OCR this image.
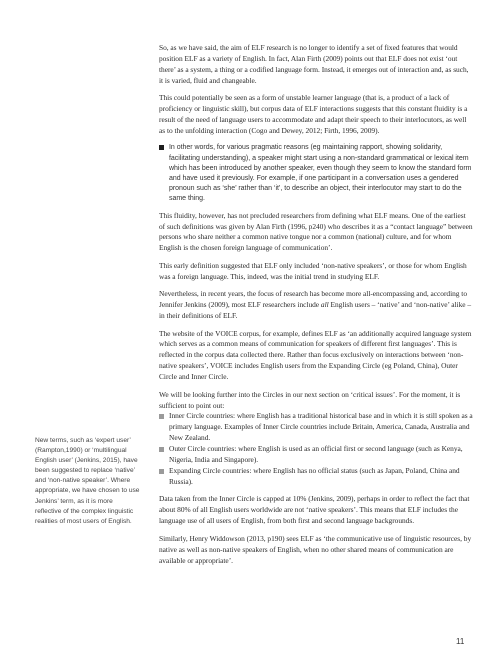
So, as we have said, the aim of ELF research is no longer to identify a set of fixed features that would position ELF as a variety of English. In fact, Alan Firth (2009) points out that ELF does not exist ‘out there’ as a system, a thing or a codified language form. Instead, it emerges out of interaction and, as such, it is varied, fluid and changeable.

This could potentially be seen as a form of unstable learner language (that is, a product of a lack of proficiency or linguistic skill), but corpus data of ELF interactions suggests that this constant fluidity is a result of the need of language users to accommodate and adapt their speech to their interlocutors, as well as to the unfolding interaction (Cogo and Dewey, 2012; Firth, 1996, 2009).

In other words, for various pragmatic reasons (eg maintaining rapport, showing solidarity, facilitating understanding), a speaker might start using a non-standard grammatical or lexical item which has been introduced by another speaker, even though they seem to know the standard form and have used it previously. For example, if one participant in a conversation uses a gendered pronoun such as ‘she’ rather than ‘it’, to describe an object, their interlocutor may start to do the same thing.

This fluidity, however, has not precluded researchers from defining what ELF means. One of the earliest of such definitions was given by Alan Firth (1996, p240) who describes it as a “contact language” between persons who share neither a common native tongue nor a common (national) culture, and for whom English is the chosen foreign language of communication’.

This early definition suggested that ELF only included ‘non-native speakers’, or those for whom English was a foreign language. This, indeed, was the initial trend in studying ELF.

Nevertheless, in recent years, the focus of research has become more all-encompassing and, according to Jennifer Jenkins (2009), most ELF researchers include all English users – ‘native’ and ‘non-native’ alike – in their definitions of ELF.

The website of the VOICE corpus, for example, defines ELF as ‘an additionally acquired language system which serves as a common means of communication for speakers of different first languages’. This is reflected in the corpus data collected there. Rather than focus exclusively on interactions between ‘non-native speakers’, VOICE includes English users from the Expanding Circle (eg Poland, China), Outer Circle and Inner Circle.

We will be looking further into the Circles in our next section on ‘critical issues’. For the moment, it is sufficient to point out:

Inner Circle countries: where English has a traditional historical base and in which it is still spoken as a primary language. Examples of Inner Circle countries include Britain, America, Canada, Australia and New Zealand.
Outer Circle countries: where English is used as an official first or second language (such as Kenya, Nigeria, India and Singapore).
Expanding Circle countries: where English has no official status (such as Japan, Poland, China and Russia).

Data taken from the Inner Circle is capped at 10% (Jenkins, 2009), perhaps in order to reflect the fact that about 80% of all English users worldwide are not ‘native speakers’. This means that ELF includes the language use of all users of English, from both first and second language backgrounds.

Similarly, Henry Widdowson (2013, p190) sees ELF as ‘the communicative use of linguistic resources, by native as well as non-native speakers of English, when no other shared means of communication are available or appropriate’.

New terms, such as ‘expert user’ (Rampton,1990) or ‘multilingual English user’ (Jenkins, 2015), have been suggested to replace ‘native’ and ‘non-native speaker’. Where appropriate, we have chosen to use Jenkins’ term, as it is more reflective of the complex linguistic realities of most users of English.
11
